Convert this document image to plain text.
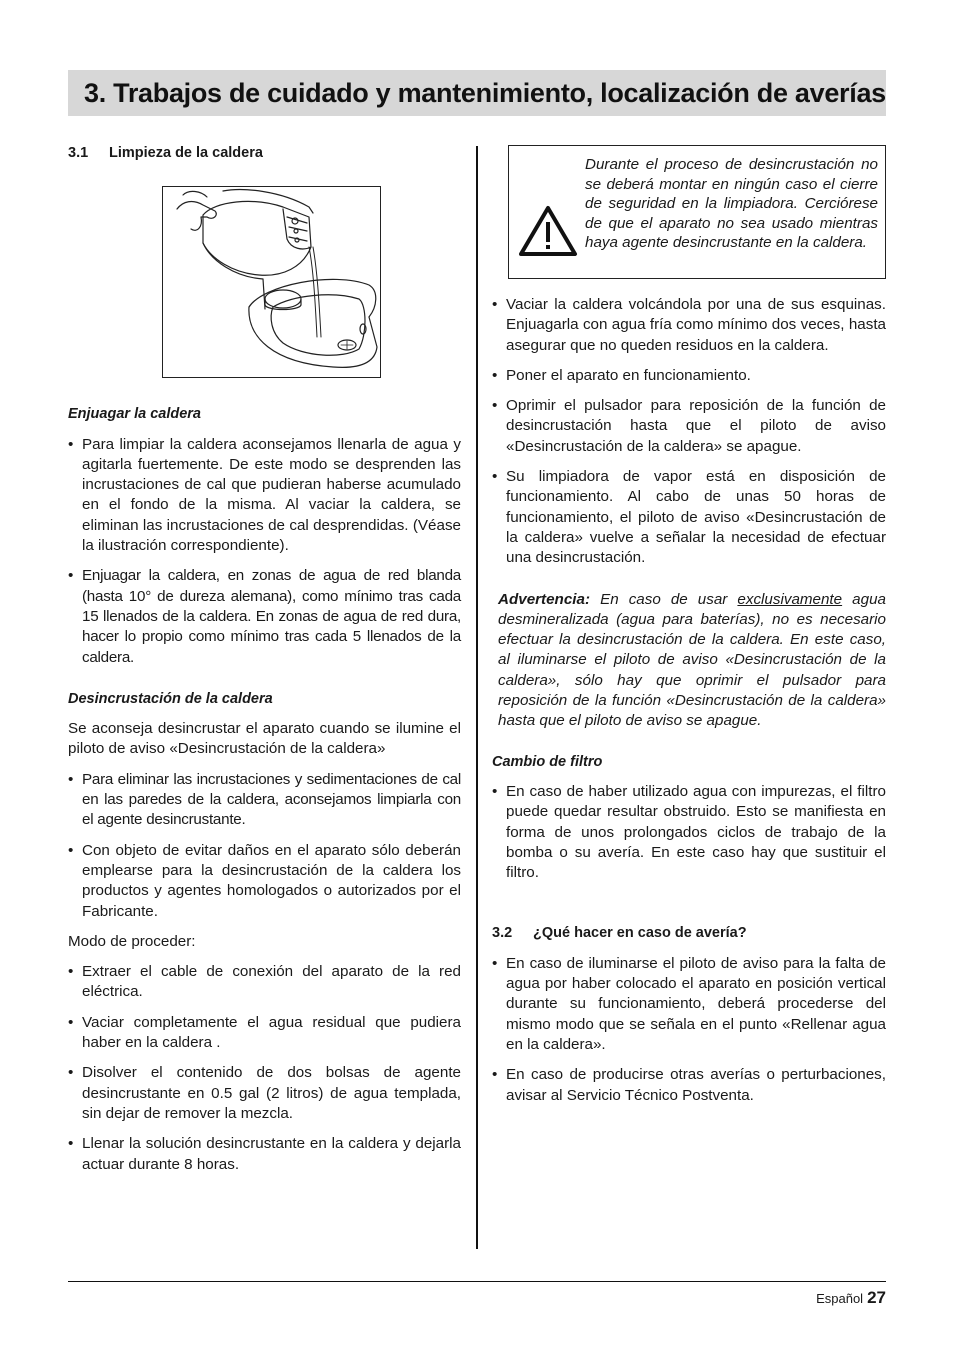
3. Trabajos de cuidado y mantenimiento, localización de averías

3.1 Limpieza de la caldera

Enjuagar la caldera

• Para limpiar la caldera aconsejamos llenarla de agua y agitarla fuertemente. De este modo se desprenden las incrustaciones de cal que pudieran haberse acumulado en el fondo de la misma. Al vaciar la caldera, se eliminan las incrustaciones de cal desprendidas. (Véase la ilustración correspondiente).
• Enjuagar la caldera, en zonas de agua de red blanda (hasta 10° de dureza alemana), como mínimo tras cada 15 llenados de la caldera. En zonas de agua de red dura, hacer lo propio como mínimo tras cada 5 llenados de la caldera.

Desincrustación de la caldera

Se aconseja desincrustar el aparato cuando se ilumine el piloto de aviso «Desincrustación de la caldera»

• Para eliminar las incrustaciones y sedimentaciones de cal en las paredes de la caldera, aconsejamos limpiarla con el agente desincrustante.
• Con objeto de evitar daños en el aparato sólo deberán emplearse para la desincrustación de la caldera los productos y agentes homologados o autorizados por el Fabricante.

Modo de proceder:

• Extraer el cable de conexión del aparato de la red eléctrica.
• Vaciar completamente el agua residual que pudiera haber en la caldera .
• Disolver el contenido de dos bolsas de agente desincrustante en 0.5 gal (2 litros) de agua templada, sin dejar de remover la mezcla.
• Llenar la solución desincrustante en la caldera y dejarla actuar durante 8 horas.
Durante el proceso de desincrustación no se deberá montar en ningún caso el cierre de seguridad en la limpiadora. Cerciórese de que el aparato no sea usado mientras haya agente desincrustante en la caldera.
• Vaciar la caldera volcándola por una de sus esquinas. Enjuagarla con agua fría como mínimo dos veces, hasta asegurar que no queden residuos en la caldera.
• Poner el aparato en funcionamiento.
• Oprimir el pulsador para reposición de la función de desincrustación hasta que el piloto de aviso «Desincrustación de la caldera» se apague.
• Su limpiadora de vapor está en disposición de funcionamiento. Al cabo de unas 50 horas de funcionamiento, el piloto de aviso «Desincrustación de la caldera» vuelve a señalar la necesidad de efectuar una desincrustación.

Advertencia: En caso de usar exclusivamente agua desmineralizada (agua para baterías), no es necesario efectuar la desincrustación de la caldera. En este caso, al iluminarse el piloto de aviso «Desincrustación de la caldera», sólo hay que oprimir el pulsador para reposición de la función «Desincrustación de la caldera» hasta que el piloto de aviso se apague.

Cambio de filtro

• En caso de haber utilizado agua con impurezas, el filtro puede quedar resultar obstruido. Esto se manifiesta en forma de unos prolongados ciclos de trabajo de la bomba o su avería. En este caso hay que sustituir el filtro.

3.2 ¿Qué hacer en caso de avería?

• En caso de iluminarse el piloto de aviso para la falta de agua por haber colocado el aparato en posición vertical durante su funcionamiento, deberá procederse del mismo modo que se señala en el punto «Rellenar agua en la caldera».
• En caso de producirse otras averías o perturbaciones, avisar al Servicio Técnico Postventa.
Español 27
